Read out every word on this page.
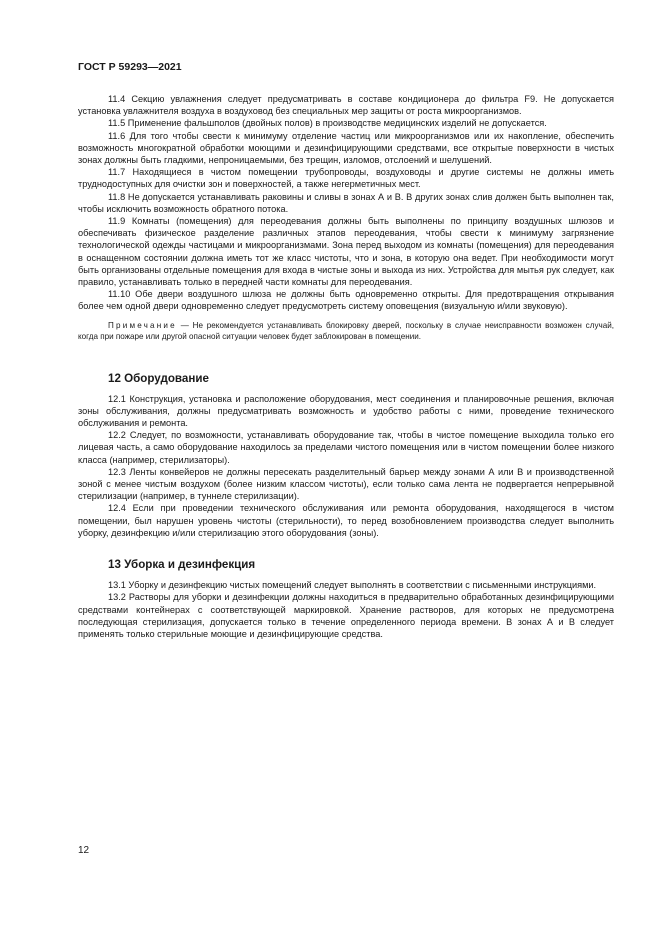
ГОСТ Р 59293—2021

11.4 Секцию увлажнения следует предусматривать в составе кондиционера до фильтра F9. Не допускается установка увлажнителя воздуха в воздуховод без специальных мер защиты от роста микроорганизмов.

11.5 Применение фальшполов (двойных полов) в производстве медицинских изделий не допускается.

11.6 Для того чтобы свести к минимуму отделение частиц или микроорганизмов или их накопление, обеспечить возможность многократной обработки моющими и дезинфицирующими средствами, все открытые поверхности в чистых зонах должны быть гладкими, непроницаемыми, без трещин, изломов, отслоений и шелушений.

11.7 Находящиеся в чистом помещении трубопроводы, воздуховоды и другие системы не должны иметь труднодоступных для очистки зон и поверхностей, а также негерметичных мест.

11.8 Не допускается устанавливать раковины и сливы в зонах А и В. В других зонах слив должен быть выполнен так, чтобы исключить возможность обратного потока.

11.9 Комнаты (помещения) для переодевания должны быть выполнены по принципу воздушных шлюзов и обеспечивать физическое разделение различных этапов переодевания, чтобы свести к минимуму загрязнение технологической одежды частицами и микроорганизмами. Зона перед выходом из комнаты (помещения) для переодевания в оснащенном состоянии должна иметь тот же класс чистоты, что и зона, в которую она ведет. При необходимости могут быть организованы отдельные помещения для входа в чистые зоны и выхода из них. Устройства для мытья рук следует, как правило, устанавливать только в передней части комнаты для переодевания.

11.10 Обе двери воздушного шлюза не должны быть одновременно открыты. Для предотвращения открывания более чем одной двери одновременно следует предусмотреть систему оповещения (визуальную и/или звуковую).

Примечание — Не рекомендуется устанавливать блокировку дверей, поскольку в случае неисправности возможен случай, когда при пожаре или другой опасной ситуации человек будет заблокирован в помещении.

12 Оборудование

12.1 Конструкция, установка и расположение оборудования, мест соединения и планировочные решения, включая зоны обслуживания, должны предусматривать возможность и удобство работы с ними, проведение технического обслуживания и ремонта.

12.2 Следует, по возможности, устанавливать оборудование так, чтобы в чистое помещение выходила только его лицевая часть, а само оборудование находилось за пределами чистого помещения или в чистом помещении более низкого класса (например, стерилизаторы).

12.3 Ленты конвейеров не должны пересекать разделительный барьер между зонами А или В и производственной зоной с менее чистым воздухом (более низким классом чистоты), если только сама лента не подвергается непрерывной стерилизации (например, в туннеле стерилизации).

12.4 Если при проведении технического обслуживания или ремонта оборудования, находящегося в чистом помещении, был нарушен уровень чистоты (стерильности), то перед возобновлением производства следует выполнить уборку, дезинфекцию и/или стерилизацию этого оборудования (зоны).

13 Уборка и дезинфекция

13.1 Уборку и дезинфекцию чистых помещений следует выполнять в соответствии с письменными инструкциями.

13.2 Растворы для уборки и дезинфекции должны находиться в предварительно обработанных дезинфицирующими средствами контейнерах с соответствующей маркировкой. Хранение растворов, для которых не предусмотрена последующая стерилизация, допускается только в течение определенного периода времени. В зонах А и В следует применять только стерильные моющие и дезинфицирующие средства.

12
